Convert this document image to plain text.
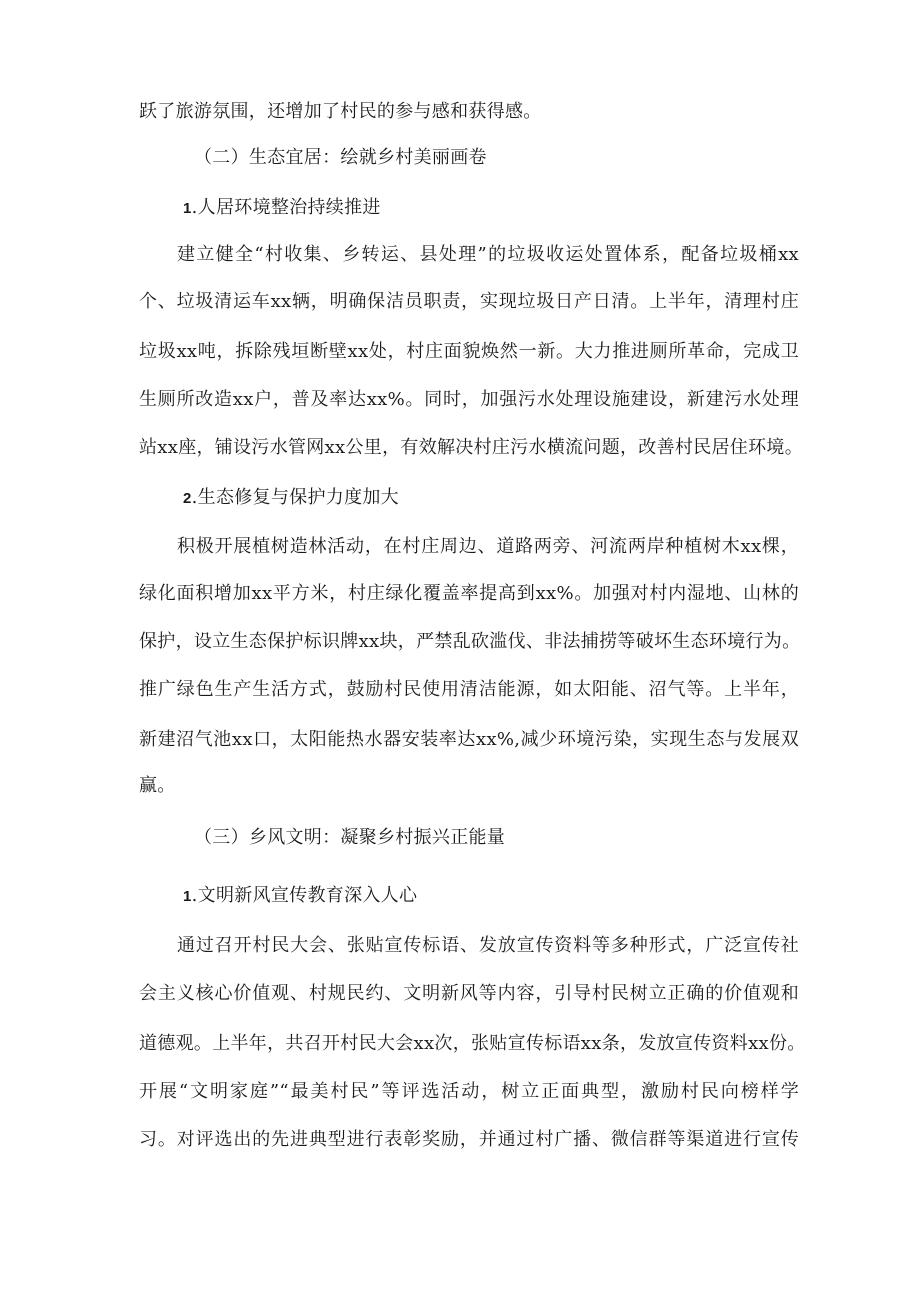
跃了旅游氛围，还增加了村民的参与感和获得感。
（二）生态宜居：绘就乡村美丽画卷
1.人居环境整治持续推进
建立健全“村收集、乡转运、县处理”的垃圾收运处置体系，配备垃圾桶xx
个、垃圾清运车xx辆，明确保洁员职责，实现垃圾日产日清。上半年，清理村庄
垃圾xx吨，拆除残垣断壁xx处，村庄面貌焕然一新。大力推进厕所革命，完成卫
生厕所改造xx户，普及率达xx%。同时，加强污水处理设施建设，新建污水处理
站xx座，铺设污水管网xx公里，有效解决村庄污水横流问题，改善村民居住环境。
2.生态修复与保护力度加大
积极开展植树造林活动，在村庄周边、道路两旁、河流两岸种植树木xx棵，
绿化面积增加xx平方米，村庄绿化覆盖率提高到xx%。加强对村内湿地、山林的
保护，设立生态保护标识牌xx块，严禁乱砍滥伐、非法捕捞等破坏生态环境行为。
推广绿色生产生活方式，鼓励村民使用清洁能源，如太阳能、沼气等。上半年，
新建沼气池xx口，太阳能热水器安装率达xx%,减少环境污染，实现生态与发展双
赢。
（三）乡风文明：凝聚乡村振兴正能量
1.文明新风宣传教育深入人心
通过召开村民大会、张贴宣传标语、发放宣传资料等多种形式，广泛宣传社
会主义核心价值观、村规民约、文明新风等内容，引导村民树立正确的价值观和
道德观。上半年，共召开村民大会xx次，张贴宣传标语xx条，发放宣传资料xx份。
开展“文明家庭”“最美村民”等评选活动，树立正面典型，激励村民向榜样学
习。对评选出的先进典型进行表彰奖励，并通过村广播、微信群等渠道进行宣传
